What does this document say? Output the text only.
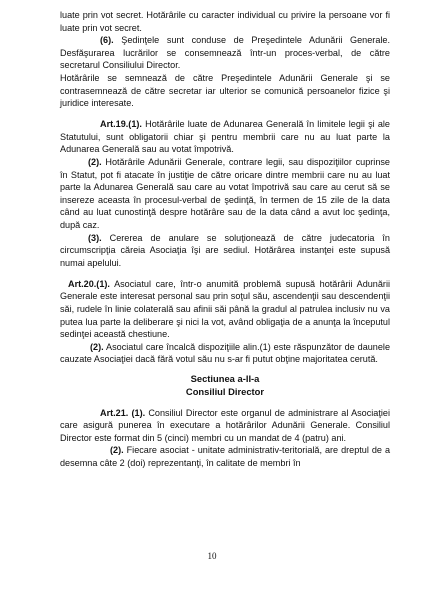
luate prin vot secret. Hotărârile cu caracter individual cu privire la persoane vor fi luate prin vot secret.

(6). Şedinţele sunt conduse de Preşedintele Adunării Generale. Desfăşurarea lucrărilor se consemnează într-un proces-verbal, de către secretarul Consiliului Director.

Hotărârile se semnează de către Preşedintele Adunării Generale şi se contrasemnează de către secretar iar ulterior se comunică persoanelor fizice şi juridice interesate.

Art.19.(1). Hotărârile luate de Adunarea Generală în limitele legii şi ale Statutului, sunt obligatorii chiar şi pentru membrii care nu au luat parte la Adunarea Generală sau au votat împotrivă.

(2). Hotărârile Adunării Generale, contrare legii, sau dispoziţiilor cuprinse în Statut, pot fi atacate în justiţie de către oricare dintre membrii care nu au luat parte la Adunarea Generală sau care au votat împotrivă sau care au cerut să se insereze aceasta în procesul-verbal de şedinţă, în termen de 15 zile de la data când au luat cunostinţă despre hotărâre sau de la data când a avut loc şedinţa, după caz.

(3). Cererea de anulare se soluţionează de către judecatoria în circumscripţia căreia Asociaţia îşi are sediul. Hotărârea instanţei este supusă numai apelului.

Art.20.(1). Asociatul care, într-o anumită problemă supusă hotărârii Adunării Generale este interesat personal sau prin soţul său, ascendenţii sau descendenţii săi, rudele în linie colaterală sau afinii săi până la gradul al patrulea inclusiv nu va putea lua parte la deliberare şi nici la vot, având obligaţia de a anunţa la începutul sedinţei această chestiune.

(2). Asociatul care încalcă dispoziţiile alin.(1) este răspunzător de daunele cauzate Asociaţiei dacă fără votul său nu s-ar fi putut obţine majoritatea cerută.

Sectiunea a-II-a

Consiliul Director

Art.21. (1). Consiliul Director este organul de administrare al Asociaţiei care asigură punerea în executare a hotărârilor Adunării Generale. Consiliul Director este format din 5 (cinci) membri cu un mandat de 4 (patru) ani.

(2). Fiecare asociat - unitate administrativ-teritorială, are dreptul de a desemna câte 2 (doi) reprezentanţi, în calitate de membri în

10
